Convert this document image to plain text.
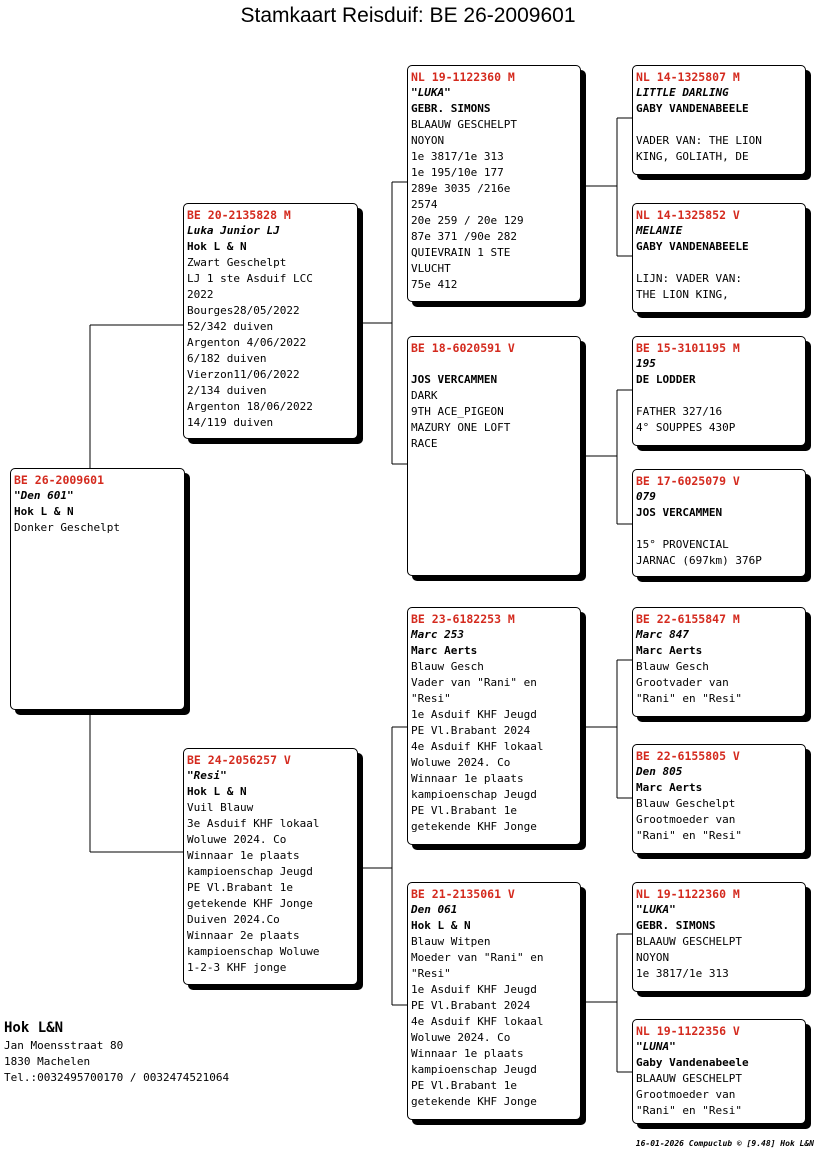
Stamkaart Reisduif: BE 26-2009601
BE 26-2009601
"Den 601"
Hok L & N
Donker Geschelpt
BE 20-2135828 M
Luka Junior LJ
Hok L & N
Zwart Geschelpt
LJ 1 ste Asduif LCC
2022
Bourges28/05/2022
52/342 duiven
Argenton 4/06/2022
6/182 duiven
Vierzon11/06/2022
2/134 duiven
Argenton 18/06/2022
14/119 duiven
BE 24-2056257 V
"Resi"
Hok L & N
Vuil Blauw
3e Asduif KHF lokaal
Woluwe 2024. Co
Winnaar 1e plaats
kampioenschap Jeugd
PE Vl.Brabant 1e
getekende KHF Jonge
Duiven 2024.Co
Winnaar 2e plaats
kampioenschap Woluwe
1-2-3 KHF jonge
NL 19-1122360 M
"LUKA"
GEBR. SIMONS
BLAAUW GESCHELPT
NOYON
1e 3817/1e 313
1e 195/10e 177
289e 3035 /216e
2574
20e 259 / 20e 129
87e 371 /90e 282
QUIEVRAIN 1 STE
VLUCHT
75e 412
BE 18-6020591 V
JOS VERCAMMEN
DARK
9TH ACE_PIGEON
MAZURY ONE LOFT
RACE
BE 23-6182253 M
Marc 253
Marc Aerts
Blauw Gesch
Vader van "Rani" en
"Resi"
1e Asduif KHF Jeugd
PE Vl.Brabant 2024
4e Asduif KHF lokaal
Woluwe 2024. Co
Winnaar 1e plaats
kampioenschap Jeugd
PE Vl.Brabant 1e
getekende KHF Jonge
BE 21-2135061 V
Den 061
Hok L & N
Blauw Witpen
Moeder van "Rani" en
"Resi"
1e Asduif KHF Jeugd
PE Vl.Brabant 2024
4e Asduif KHF lokaal
Woluwe 2024. Co
Winnaar 1e plaats
kampioenschap Jeugd
PE Vl.Brabant 1e
getekende KHF Jonge
NL 14-1325807 M
LITTLE DARLING
GABY VANDENABEELE
VADER VAN: THE LION
KING, GOLIATH, DE
NL 14-1325852 V
MELANIE
GABY VANDENABEELE
LIJN: VADER VAN:
THE LION KING,
BE 15-3101195 M
195
DE LODDER
FATHER 327/16
4° SOUPPES 430P
BE 17-6025079 V
079
JOS VERCAMMEN
15° PROVENCIAL
JARNAC (697km) 376P
BE 22-6155847 M
Marc 847
Marc Aerts
Blauw Gesch
Grootvader van
"Rani" en "Resi"
BE 22-6155805 V
Den 805
Marc Aerts
Blauw Geschelpt
Grootmoeder van
"Rani" en "Resi"
NL 19-1122360 M
"LUKA"
GEBR. SIMONS
BLAAUW GESCHELPT
NOYON
1e 3817/1e 313
NL 19-1122356 V
"LUNA"
Gaby Vandenabeele
BLAAUW GESCHELPT
Grootmoeder van
"Rani" en "Resi"
Hok L&N
Jan Moensstraat 80
1830 Machelen
Tel.:0032495700170 / 0032474521064
16-01-2026 Compuclub © [9.48] Hok L&N
